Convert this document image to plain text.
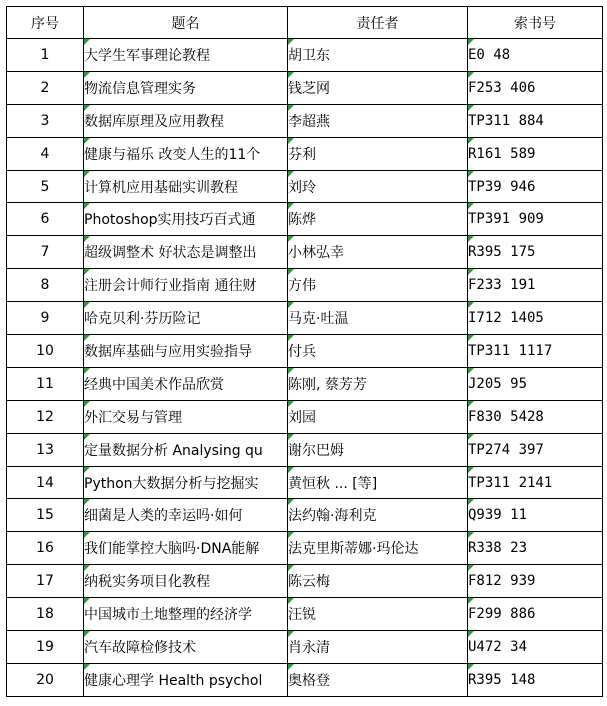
序号	题名	责任者	索书号
1	大学生军事理论教程	胡卫东	E0 48
2	物流信息管理实务	钱芝网	F253 406
3	数据库原理及应用教程	李超燕	TP311 884
4	健康与福乐 改变人生的11个	芬利	R161 589
5	计算机应用基础实训教程	刘玲	TP39 946
6	Photoshop实用技巧百式通	陈烨	TP391 909
7	超级调整术 好状态是调整出	小林弘幸	R395 175
8	注册会计师行业指南 通往财	方伟	F233 191
9	哈克贝利·芬历险记	马克·吐温	I712 1405
10	数据库基础与应用实验指导	付兵	TP311 1117
11	经典中国美术作品欣赏	陈刚, 蔡芳芳	J205 95
12	外汇交易与管理	刘园	F830 5428
13	定量数据分析 Analysing qu	谢尔巴姆	TP274 397
14	Python大数据分析与挖掘实	黄恒秋 ... [等]	TP311 2141
15	细菌是人类的幸运吗·如何	法约翰·海利克	Q939 11
16	我们能掌控大脑吗·DNA能解	法克里斯蒂娜·玛伦达	R338 23
17	纳税实务项目化教程	陈云梅	F812 939
18	中国城市土地整理的经济学	汪锐	F299 886
19	汽车故障检修技术	肖永清	U472 34
20	健康心理学 Health psychol	奥格登	R395 148
